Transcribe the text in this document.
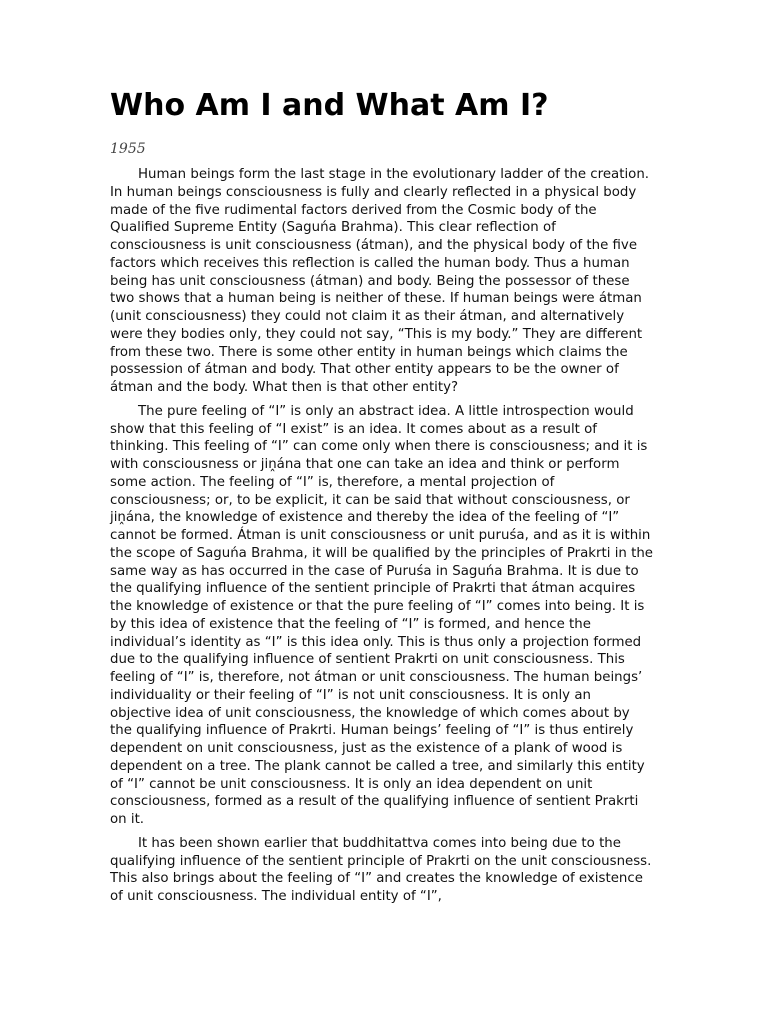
Who Am I and What Am I?
1955

Human beings form the last stage in the evolutionary ladder of the creation. In human beings consciousness is fully and clearly reflected in a physical body made of the five rudimental factors derived from the Cosmic body of the Qualified Supreme Entity (Saguńa Brahma). This clear reflection of consciousness is unit consciousness (átman), and the physical body of the five factors which receives this reflection is called the human body. Thus a human being has unit consciousness (átman) and body. Being the possessor of these two shows that a human being is neither of these. If human beings were átman (unit consciousness) they could not claim it as their átman, and alternatively were they bodies only, they could not say, “This is my body.” They are different from these two. There is some other entity in human beings which claims the possession of átman and body. That other entity appears to be the owner of átman and the body. What then is that other entity?

The pure feeling of “I” is only an abstract idea. A little introspection would show that this feeling of “I exist” is an idea. It comes about as a result of thinking. This feeling of “I” can come only when there is consciousness; and it is with consciousness or jiṋána that one can take an idea and think or perform some action. The feeling of “I” is, therefore, a mental projection of consciousness; or, to be explicit, it can be said that without consciousness, or jiṋána, the knowledge of existence and thereby the idea of the feeling of “I” cannot be formed. Átman is unit consciousness or unit puruśa, and as it is within the scope of Saguńa Brahma, it will be qualified by the principles of Prakrti in the same way as has occurred in the case of Puruśa in Saguńa Brahma. It is due to the qualifying influence of the sentient principle of Prakrti that átman acquires the knowledge of existence or that the pure feeling of “I” comes into being. It is by this idea of existence that the feeling of “I” is formed, and hence the individual’s identity as “I” is this idea only. This is thus only a projection formed due to the qualifying influence of sentient Prakrti on unit consciousness. This feeling of “I” is, therefore, not átman or unit consciousness. The human beings’ individuality or their feeling of “I” is not unit consciousness. It is only an objective idea of unit consciousness, the knowledge of which comes about by the qualifying influence of Prakrti. Human beings’ feeling of “I” is thus entirely dependent on unit consciousness, just as the existence of a plank of wood is dependent on a tree. The plank cannot be called a tree, and similarly this entity of “I” cannot be unit consciousness. It is only an idea dependent on unit consciousness, formed as a result of the qualifying influence of sentient Prakrti on it.

It has been shown earlier that buddhitattva comes into being due to the qualifying influence of the sentient principle of Prakrti on the unit consciousness. This also brings about the feeling of “I” and creates the knowledge of existence of unit consciousness. The individual entity of “I”,
